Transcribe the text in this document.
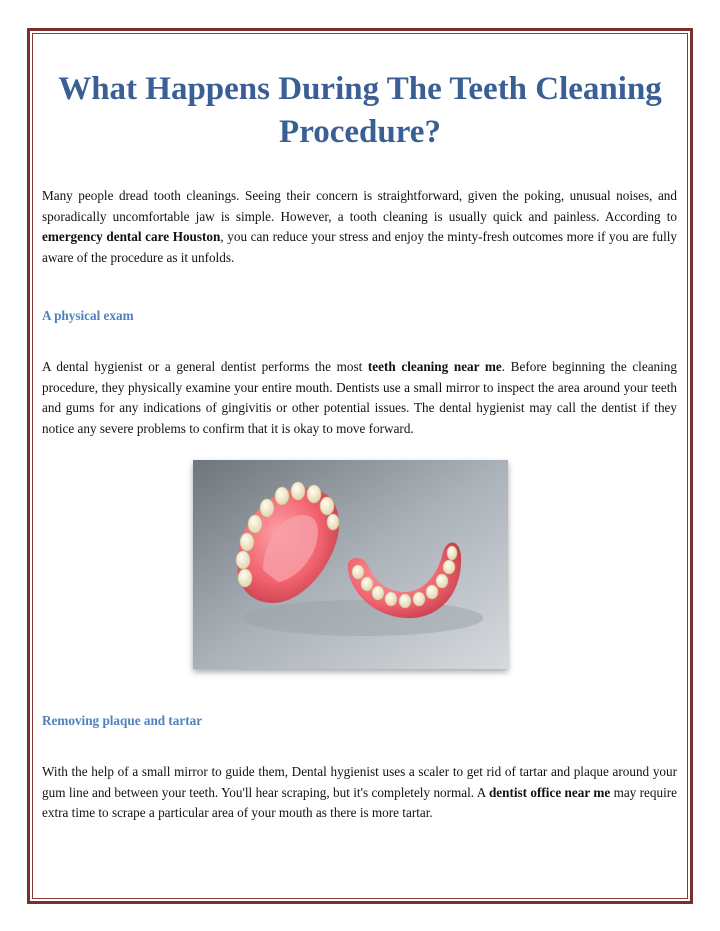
What Happens During The Teeth Cleaning Procedure?

Many people dread tooth cleanings. Seeing their concern is straightforward, given the poking, unusual noises, and sporadically uncomfortable jaw is simple. However, a tooth cleaning is usually quick and painless. According to emergency dental care Houston, you can reduce your stress and enjoy the minty-fresh outcomes more if you are fully aware of the procedure as it unfolds.

A physical exam

A dental hygienist or a general dentist performs the most teeth cleaning near me. Before beginning the cleaning procedure, they physically examine your entire mouth. Dentists use a small mirror to inspect the area around your teeth and gums for any indications of gingivitis or other potential issues. The dental hygienist may call the dentist if they notice any severe problems to confirm that it is okay to move forward.

Removing plaque and tartar

With the help of a small mirror to guide them, Dental hygienist uses a scaler to get rid of tartar and plaque around your gum line and between your teeth. You'll hear scraping, but it's completely normal. A dentist office near me may require extra time to scrape a particular area of your mouth as there is more tartar.
